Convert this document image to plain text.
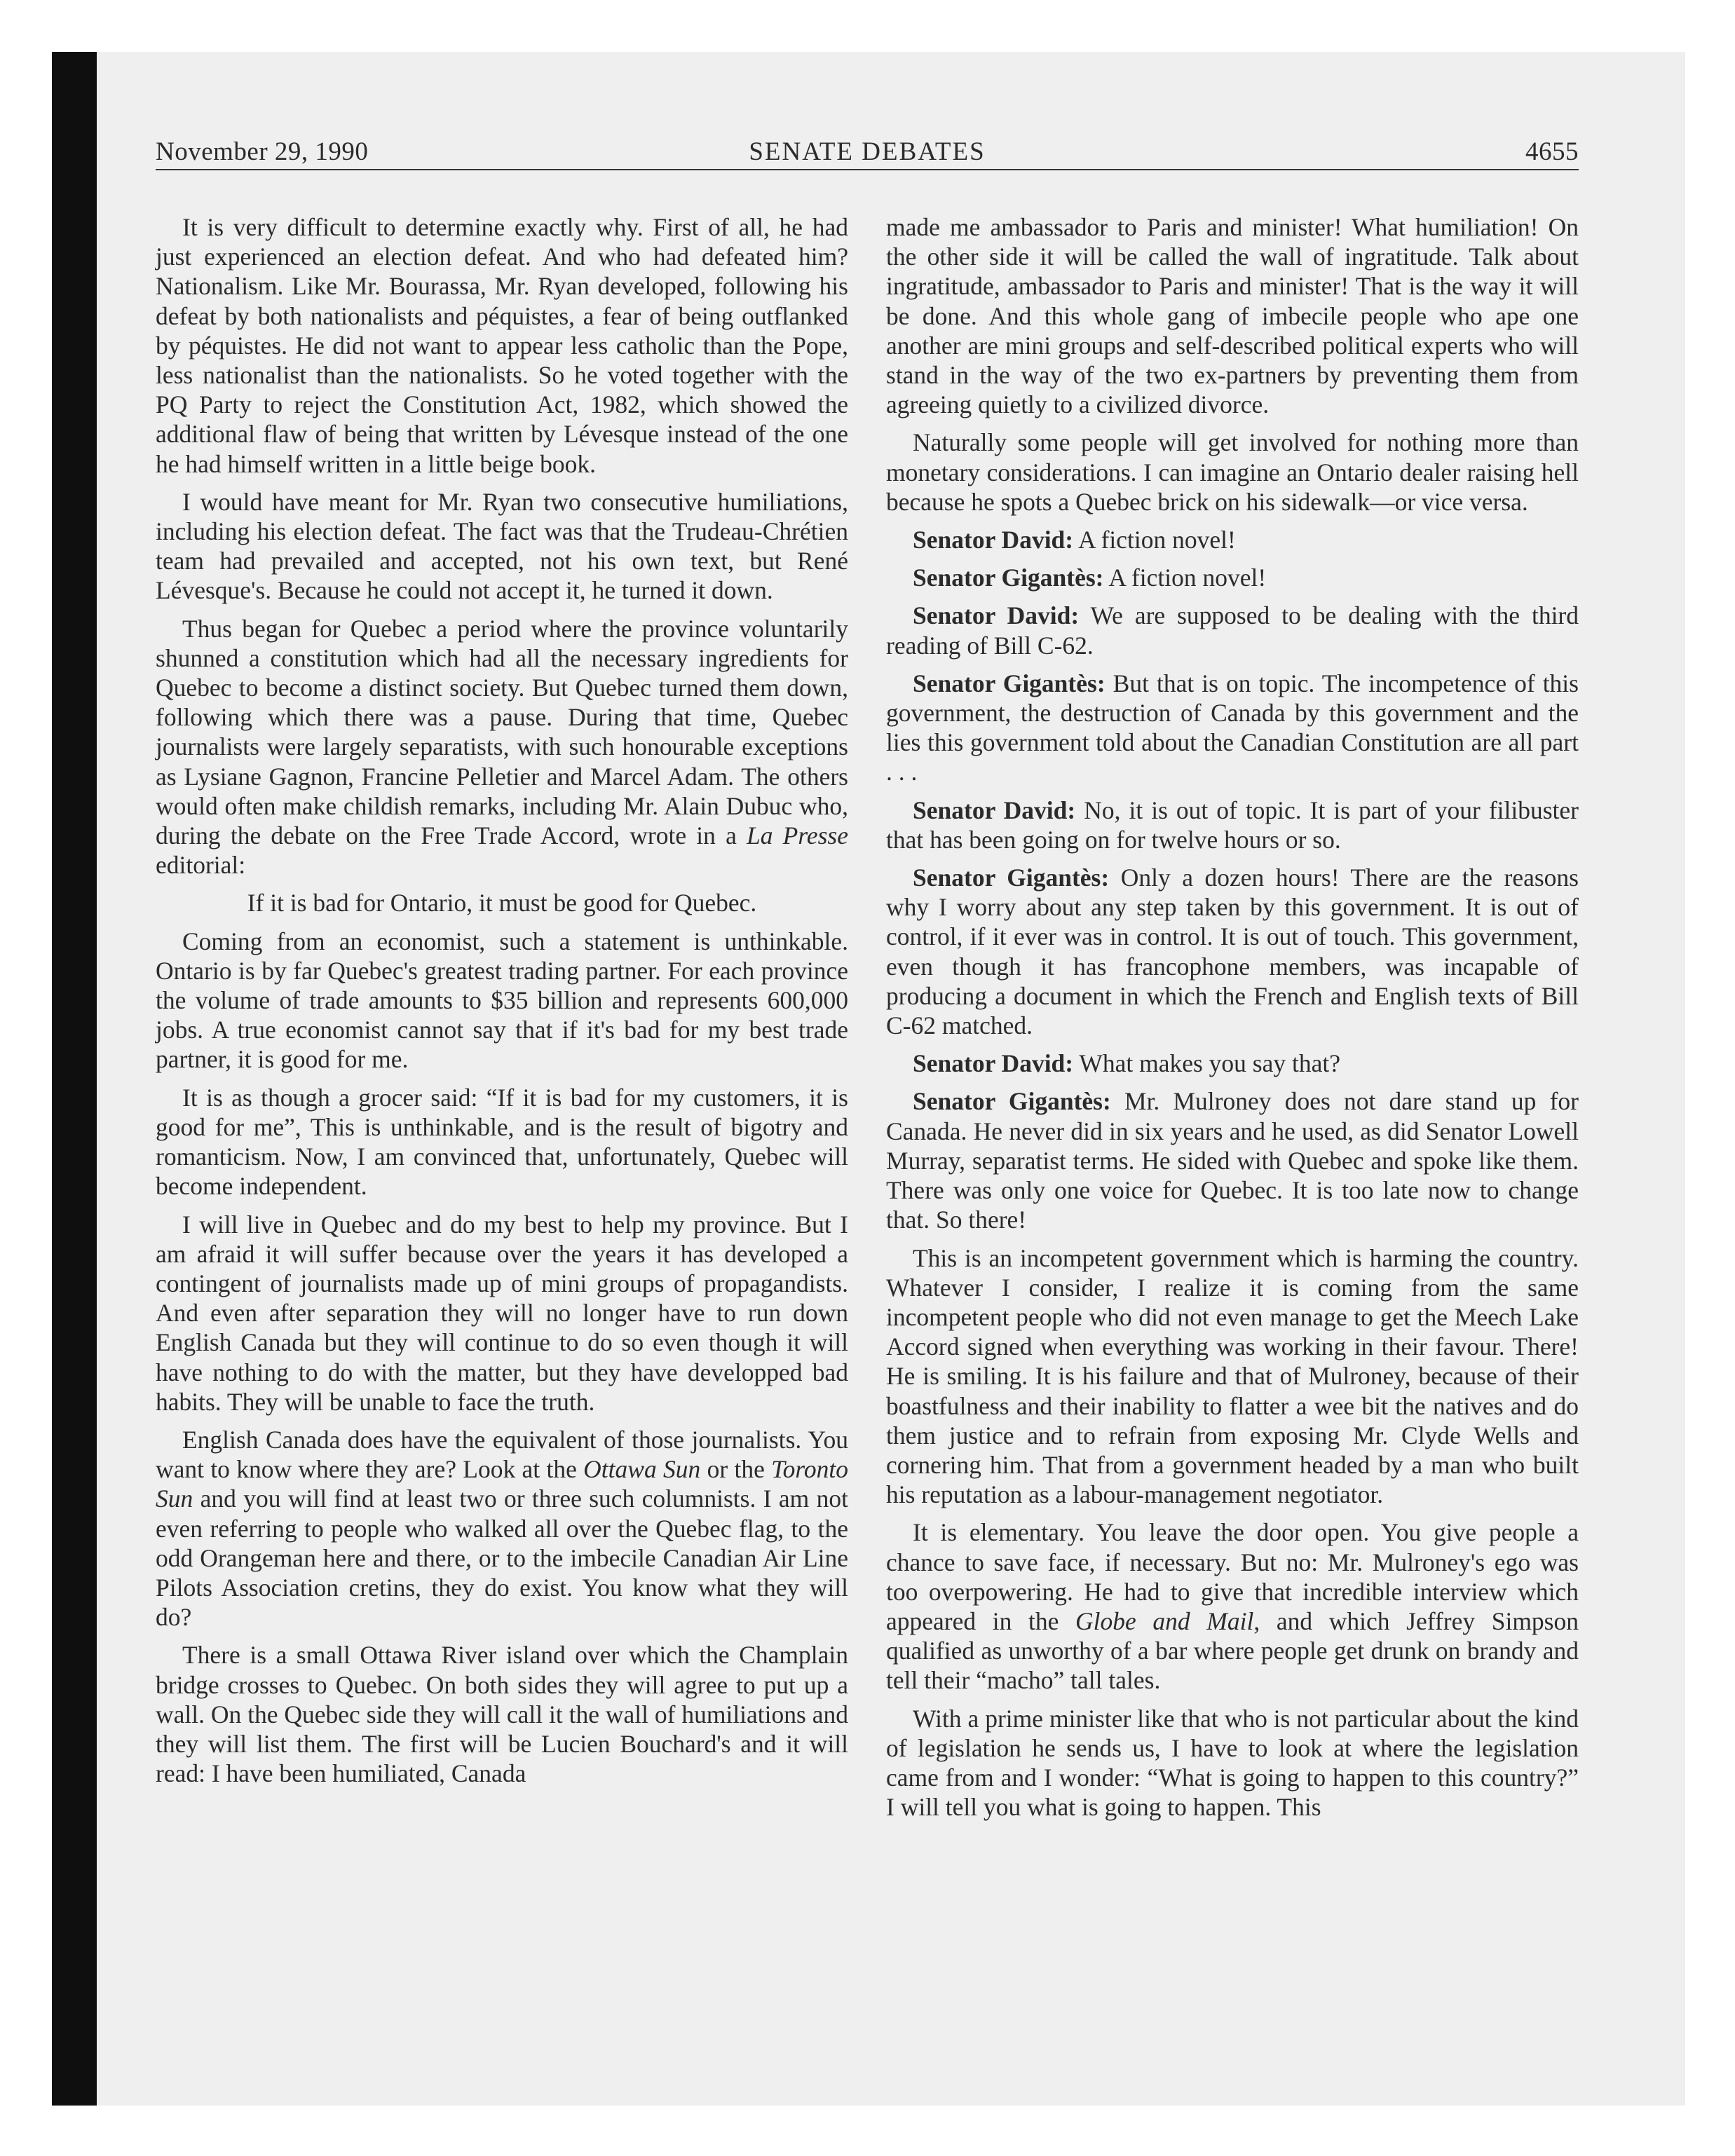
November 29, 1990	SENATE DEBATES	4655

It is very difficult to determine exactly why. First of all, he had just experienced an election defeat. And who had defeated him? Nationalism. Like Mr. Bourassa, Mr. Ryan developed, following his defeat by both nationalists and péquistes, a fear of being outflanked by péquistes. He did not want to appear less catholic than the Pope, less nationalist than the nationalists. So he voted together with the PQ Party to reject the Constitution Act, 1982, which showed the additional flaw of being that written by Lévesque instead of the one he had himself written in a little beige book.

I would have meant for Mr. Ryan two consecutive humiliations, including his election defeat. The fact was that the Trudeau-Chrétien team had prevailed and accepted, not his own text, but René Lévesque's. Because he could not accept it, he turned it down.

Thus began for Quebec a period where the province voluntarily shunned a constitution which had all the necessary ingredients for Quebec to become a distinct society. But Quebec turned them down, following which there was a pause. During that time, Quebec journalists were largely separatists, with such honourable exceptions as Lysiane Gagnon, Francine Pelletier and Marcel Adam. The others would often make childish remarks, including Mr. Alain Dubuc who, during the debate on the Free Trade Accord, wrote in a La Presse editorial:

If it is bad for Ontario, it must be good for Quebec.

Coming from an economist, such a statement is unthinkable. Ontario is by far Quebec's greatest trading partner. For each province the volume of trade amounts to $35 billion and represents 600,000 jobs. A true economist cannot say that if it's bad for my best trade partner, it is good for me.

It is as though a grocer said: “If it is bad for my customers, it is good for me”, This is unthinkable, and is the result of bigotry and romanticism. Now, I am convinced that, unfortunately, Quebec will become independent.

I will live in Quebec and do my best to help my province. But I am afraid it will suffer because over the years it has developed a contingent of journalists made up of mini groups of propagandists. And even after separation they will no longer have to run down English Canada but they will continue to do so even though it will have nothing to do with the matter, but they have developped bad habits. They will be unable to face the truth.

English Canada does have the equivalent of those journalists. You want to know where they are? Look at the Ottawa Sun or the Toronto Sun and you will find at least two or three such columnists. I am not even referring to people who walked all over the Quebec flag, to the odd Orangeman here and there, or to the imbecile Canadian Air Line Pilots Association cretins, they do exist. You know what they will do?

There is a small Ottawa River island over which the Champlain bridge crosses to Quebec. On both sides they will agree to put up a wall. On the Quebec side they will call it the wall of humiliations and they will list them. The first will be Lucien Bouchard's and it will read: I have been humiliated, Canada

made me ambassador to Paris and minister! What humiliation! On the other side it will be called the wall of ingratitude. Talk about ingratitude, ambassador to Paris and minister! That is the way it will be done. And this whole gang of imbecile people who ape one another are mini groups and self-described political experts who will stand in the way of the two ex-partners by preventing them from agreeing quietly to a civilized divorce.

Naturally some people will get involved for nothing more than monetary considerations. I can imagine an Ontario dealer raising hell because he spots a Quebec brick on his sidewalk—or vice versa.

Senator David: A fiction novel!

Senator Gigantès: A fiction novel!

Senator David: We are supposed to be dealing with the third reading of Bill C-62.

Senator Gigantès: But that is on topic. The incompetence of this government, the destruction of Canada by this government and the lies this government told about the Canadian Constitution are all part . . .

Senator David: No, it is out of topic. It is part of your filibuster that has been going on for twelve hours or so.

Senator Gigantès: Only a dozen hours! There are the reasons why I worry about any step taken by this government. It is out of control, if it ever was in control. It is out of touch. This government, even though it has francophone members, was incapable of producing a document in which the French and English texts of Bill C-62 matched.

Senator David: What makes you say that?

Senator Gigantès: Mr. Mulroney does not dare stand up for Canada. He never did in six years and he used, as did Senator Lowell Murray, separatist terms. He sided with Quebec and spoke like them. There was only one voice for Quebec. It is too late now to change that. So there!

This is an incompetent government which is harming the country. Whatever I consider, I realize it is coming from the same incompetent people who did not even manage to get the Meech Lake Accord signed when everything was working in their favour. There! He is smiling. It is his failure and that of Mulroney, because of their boastfulness and their inability to flatter a wee bit the natives and do them justice and to refrain from exposing Mr. Clyde Wells and cornering him. That from a government headed by a man who built his reputation as a labour-management negotiator.

It is elementary. You leave the door open. You give people a chance to save face, if necessary. But no: Mr. Mulroney's ego was too overpowering. He had to give that incredible interview which appeared in the Globe and Mail, and which Jeffrey Simpson qualified as unworthy of a bar where people get drunk on brandy and tell their “macho” tall tales.

With a prime minister like that who is not particular about the kind of legislation he sends us, I have to look at where the legislation came from and I wonder: “What is going to happen to this country?” I will tell you what is going to happen. This
